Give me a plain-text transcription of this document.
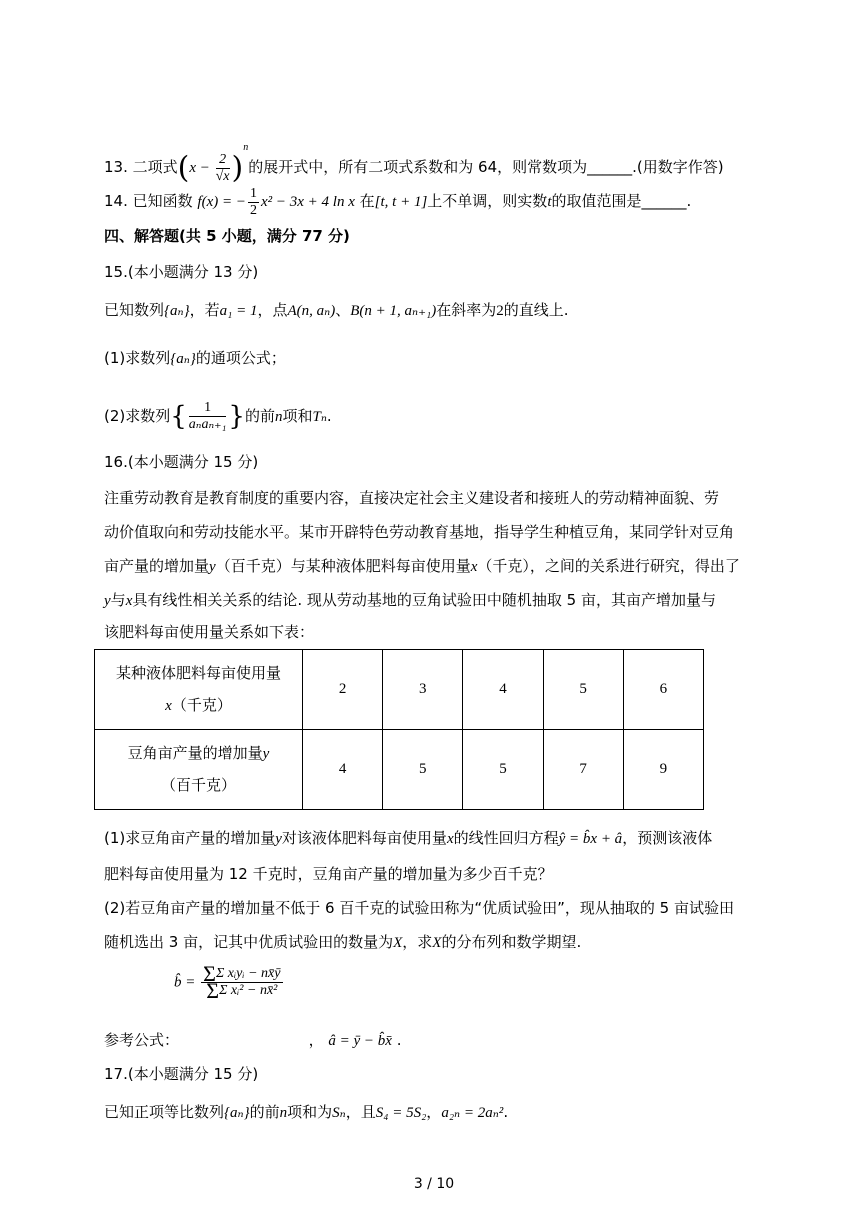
13. 二项式$(x - \frac{2}{√x} )^n$的展开式中，所有二项式系数和为 64，则常数项为______.(用数字作答)
14. 已知函数 f(x) = − $\frac{1}{2} x^2 - 3x + 4$ ln x 在[t, t + 1]上不单调，则实数t的取值范围是______.
四、解答题(共 5 小题，满分 77 分)
15.(本小题满分 13 分)
已知数列{aₙ}，若a₁ = 1，点A(n, aₙ)、B(n + 1, aₙ₊₁)在斜率为2的直线上.
(1)求数列{aₙ}的通项公式；
(2)求数列{ $\frac{1}{\text{aₙaₙ₊₁}}$ }的前n项和Tₙ.
16.(本小题满分 15 分)
注重劳动教育是教育制度的重要内容，直接决定社会主义建设者和接班人的劳动精神面貌、劳
动价值取向和劳动技能水平。某市开辟特色劳动教育基地，指导学生种植豆角，某同学针对豆角
亩产量的增加量y（百千克）与某种液体肥料每亩使用量x（千克），之间的关系进行研究，得出了
y与x具有线性相关关系的结论. 现从劳动基地的豆角试验田中随机抽取 5 亩，其亩产增加量与
该肥料每亩使用量关系如下表：
某种液体肥料每亩使用量
x（千克）	2	3	4	5	6
豆角亩产量的增加量y
（百千克）	4	5	5	7	9
(1)求豆角亩产量的增加量y对该液体肥料每亩使用量x的线性回归方程ŷ = b̂x + â，预测该液体
肥料每亩使用量为 12 千克时，豆角亩产量的增加量为多少百千克？
(2)若豆角亩产量的增加量不低于 6 百千克的试验田称为“优质试验田”，现从抽取的 5 亩试验田
随机选出 3 亩，记其中优质试验田的数量为X，求X的分布列和数学期望.
b̂ = $\frac{\text{ΣΣ xᵢyᵢ − nx̄ȳ}}{\text{ΣΣ xᵢ² − nx̄²}}$
参考公式：	， â = ȳ − b̂x̄ .
17.(本小题满分 15 分)
已知正项等比数列{aₙ}的前n项和为Sₙ，且S₄ = 5S₂，a₂ₙ = 2aₙ².
3 / 10
